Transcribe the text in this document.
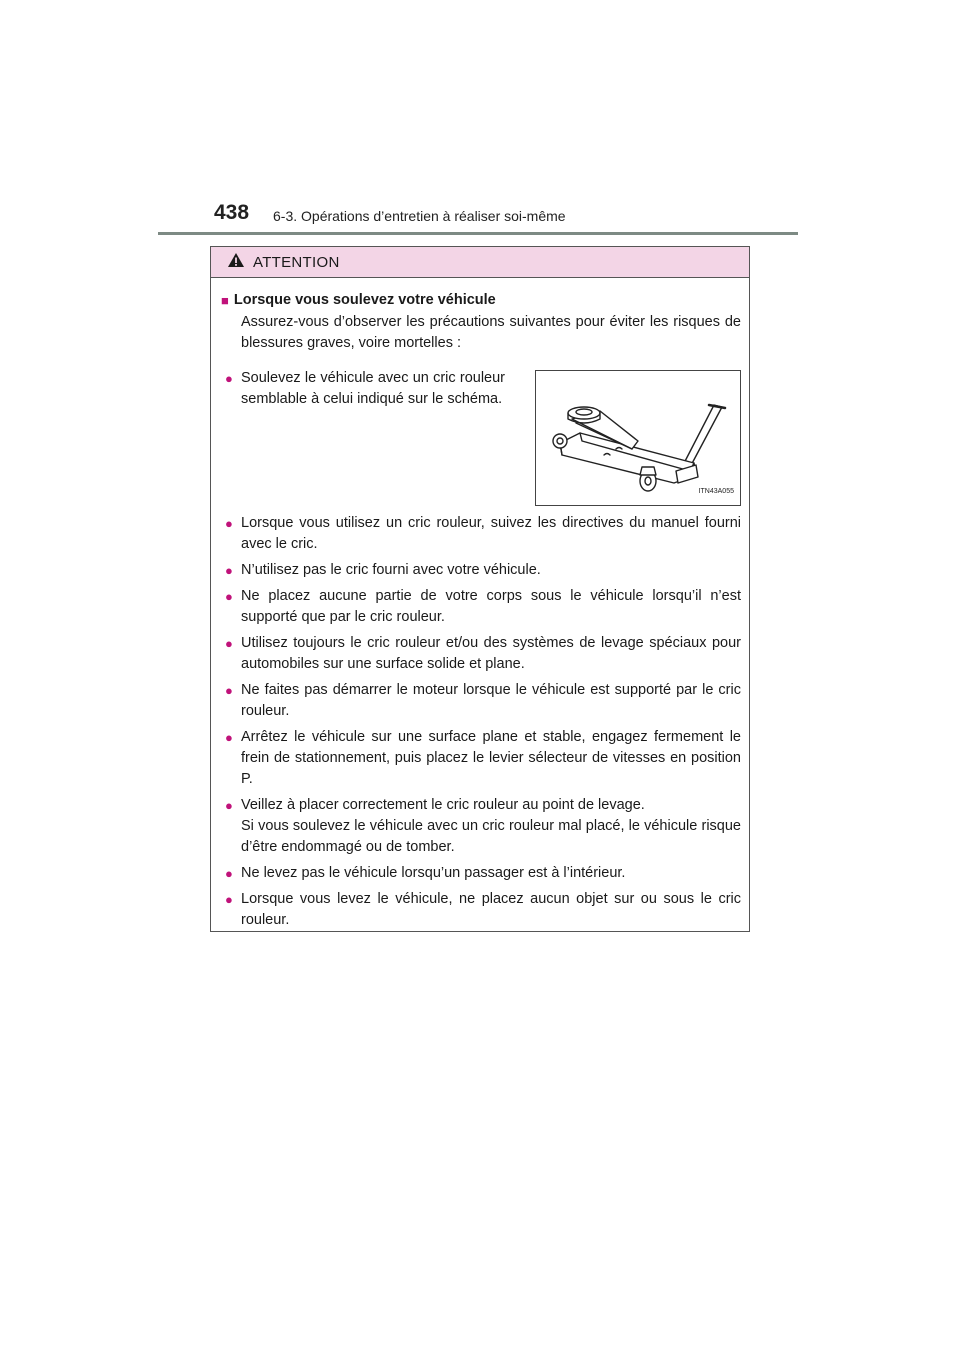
438 6-3. Opérations d’entretien à réaliser soi-même
ATTENTION
■ Lorsque vous soulevez votre véhicule
Assurez-vous d’observer les précautions suivantes pour éviter les risques de blessures graves, voire mortelles :
● Soulevez le véhicule avec un cric rouleur semblable à celui indiqué sur le schéma.
ITN43A055
● Lorsque vous utilisez un cric rouleur, suivez les directives du manuel fourni avec le cric.
● N’utilisez pas le cric fourni avec votre véhicule.
● Ne placez aucune partie de votre corps sous le véhicule lorsqu’il n’est supporté que par le cric rouleur.
● Utilisez toujours le cric rouleur et/ou des systèmes de levage spéciaux pour automobiles sur une surface solide et plane.
● Ne faites pas démarrer le moteur lorsque le véhicule est supporté par le cric rouleur.
● Arrêtez le véhicule sur une surface plane et stable, engagez fermement le frein de stationnement, puis placez le levier sélecteur de vitesses en position P.
● Veillez à placer correctement le cric rouleur au point de levage.
Si vous soulevez le véhicule avec un cric rouleur mal placé, le véhicule risque d’être endommagé ou de tomber.
● Ne levez pas le véhicule lorsqu’un passager est à l’intérieur.
● Lorsque vous levez le véhicule, ne placez aucun objet sur ou sous le cric rouleur.
